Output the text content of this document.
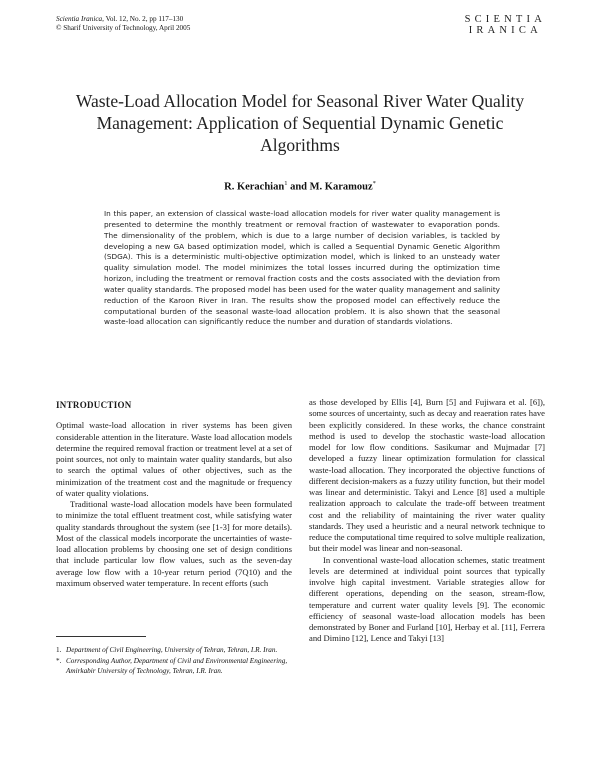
Scientia Iranica, Vol. 12, No. 2, pp 117–130
© Sharif University of Technology, April 2005
SCIENTIA
IRANICA
Waste-Load Allocation Model for Seasonal River Water Quality Management: Application of Sequential Dynamic Genetic Algorithms
R. Kerachian$^1$ and M. Karamouz*
In this paper, an extension of classical waste-load allocation models for river water quality management is presented to determine the monthly treatment or removal fraction of wastewater to evaporation ponds. The dimensionality of the problem, which is due to a large number of decision variables, is tackled by developing a new GA based optimization model, which is called a Sequential Dynamic Genetic Algorithm (SDGA). This is a deterministic multi-objective optimization model, which is linked to an unsteady water quality simulation model. The model minimizes the total losses incurred during the optimization time horizon, including the treatment or removal fraction costs and the costs associated with the deviation from water quality standards. The proposed model has been used for the water quality management and salinity reduction of the Karoon River in Iran. The results show the proposed model can effectively reduce the computational burden of the seasonal waste-load allocation problem. It is also shown that the seasonal waste-load allocation can significantly reduce the number and duration of standards violations.
INTRODUCTION

Optimal waste-load allocation in river systems has been given considerable attention in the literature. Waste load allocation models determine the required removal fraction or treatment level at a set of point sources, not only to maintain water quality standards, but also to search the optimal values of other objectives, such as the minimization of the treatment cost and the magnitude or frequency of water quality violations.

Traditional waste-load allocation models have been formulated to minimize the total effluent treatment cost, while satisfying water quality standards throughout the system (see [1-3] for more details). Most of the classical models incorporate the uncertainties of waste-load allocation problems by choosing one set of design conditions that include particular low flow values, such as the seven-day average low flow with a 10-year return period (7Q10) and the maximum observed water temperature. In recent efforts (such

as those developed by Ellis [4], Burn [5] and Fujiwara et al. [6]), some sources of uncertainty, such as decay and reaeration rates have been explicitly considered. In these works, the chance constraint method is used to develop the stochastic waste-load allocation model for low flow conditions. Sasikumar and Mujmadar [7] developed a fuzzy linear optimization formulation for classical waste-load allocation. They incorporated the objective functions of different decision-makers as a fuzzy utility function, but their model was linear and deterministic. Takyi and Lence [8] used a multiple realization approach to calculate the trade-off between treatment cost and the reliability of maintaining the river water quality standards. They used a heuristic and a neural network technique to reduce the computational time required to solve multiple realization, but their model was linear and non-seasonal.

In conventional waste-load allocation schemes, static treatment levels are determined at individual point sources that typically involve high capital investment. Variable strategies allow for different operations, depending on the season, stream-flow, temperature and current water quality levels [9]. The economic efficiency of seasonal waste-load allocation models has been demonstrated by Boner and Furland [10], Herbay et al. [11], Ferrera and Dimino [12], Lence and Takyi [13]

1. Department of Civil Engineering, University of Tehran, Tehran, I.R. Iran.
*. Corresponding Author, Department of Civil and Environmental Engineering, Amirkabir University of Technology, Tehran, I.R. Iran.
